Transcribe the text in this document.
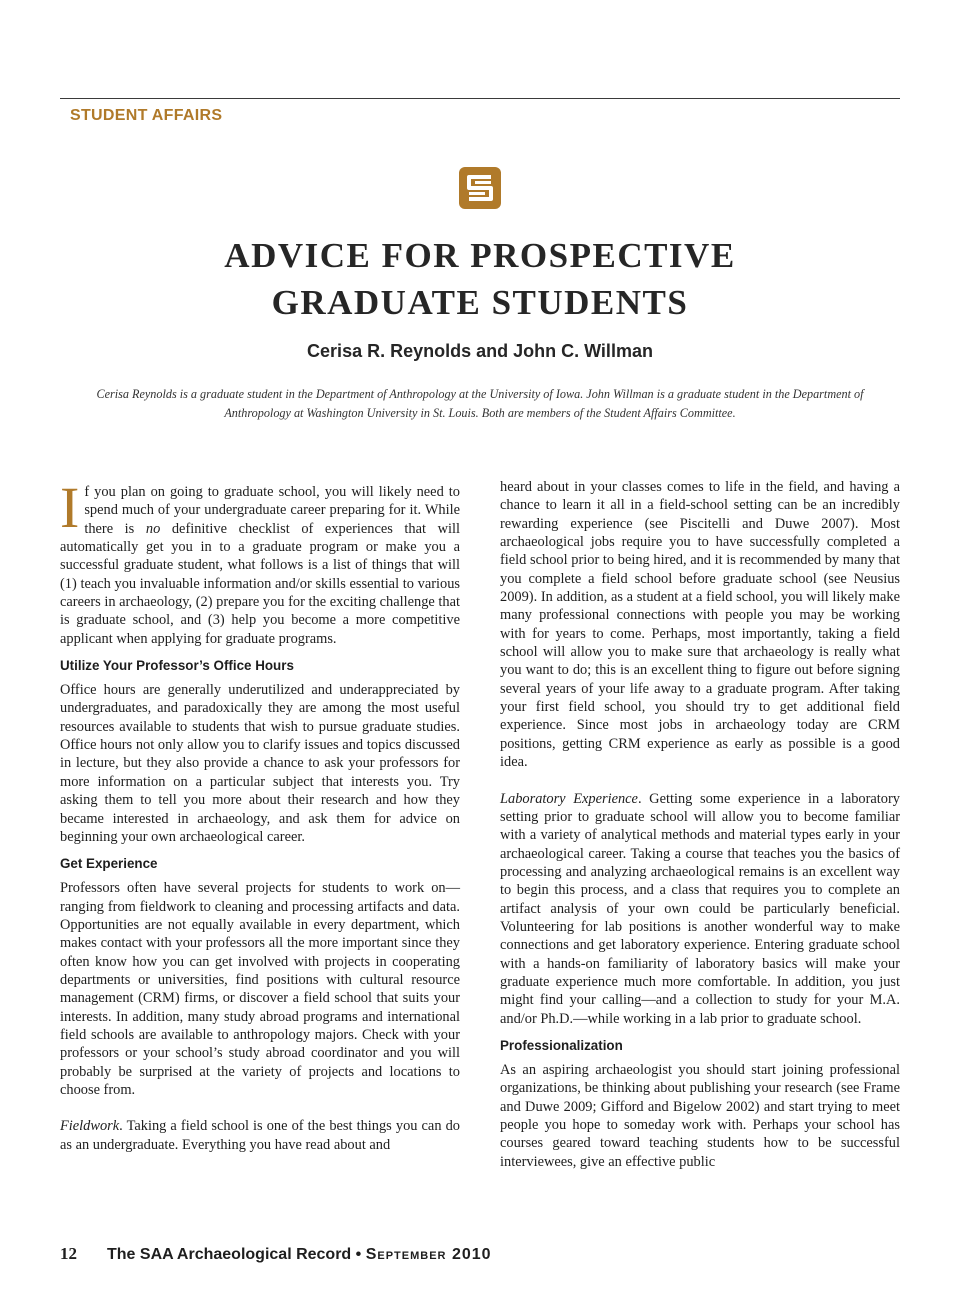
STUDENT AFFAIRS
ADVICE FOR PROSPECTIVE
GRADUATE STUDENTS
Cerisa R. Reynolds and John C. Willman
Cerisa Reynolds is a graduate student in the Department of Anthropology at the University of Iowa. John Willman is a graduate student in the Department of Anthropology at Washington University in St. Louis. Both are members of the Student Affairs Committee.

If you plan on going to graduate school, you will likely need to spend much of your undergraduate career preparing for it. While there is no definitive checklist of experiences that will automatically get you in to a graduate program or make you a successful graduate student, what follows is a list of things that will (1) teach you invaluable information and/or skills essential to various careers in archaeology, (2) prepare you for the exciting challenge that is graduate school, and (3) help you become a more competitive applicant when applying for graduate programs.

Utilize Your Professor’s Office Hours

Office hours are generally underutilized and underappreciated by undergraduates, and paradoxically they are among the most useful resources available to students that wish to pursue graduate studies. Office hours not only allow you to clarify issues and topics discussed in lecture, but they also provide a chance to ask your professors for more information on a particular subject that interests you. Try asking them to tell you more about their research and how they became interested in archaeology, and ask them for advice on beginning your own archaeological career.

Get Experience

Professors often have several projects for students to work on—ranging from fieldwork to cleaning and processing artifacts and data. Opportunities are not equally available in every department, which makes contact with your professors all the more important since they often know how you can get involved with projects in cooperating departments or universities, find positions with cultural resource management (CRM) firms, or discover a field school that suits your interests. In addition, many study abroad programs and international field schools are available to anthropology majors. Check with your professors or your school’s study abroad coordinator and you will probably be surprised at the variety of projects and locations to choose from.

Fieldwork. Taking a field school is one of the best things you can do as an undergraduate. Everything you have read about and

heard about in your classes comes to life in the field, and having a chance to learn it all in a field-school setting can be an incredibly rewarding experience (see Piscitelli and Duwe 2007). Most archaeological jobs require you to have successfully completed a field school prior to being hired, and it is recommended by many that you complete a field school before graduate school (see Neusius 2009). In addition, as a student at a field school, you will likely make many professional connections with people you may be working with for years to come. Perhaps, most importantly, taking a field school will allow you to make sure that archaeology is really what you want to do; this is an excellent thing to figure out before signing several years of your life away to a graduate program. After taking your first field school, you should try to get additional field experience. Since most jobs in archaeology today are CRM positions, getting CRM experience as early as possible is a good idea.

Laboratory Experience. Getting some experience in a laboratory setting prior to graduate school will allow you to become familiar with a variety of analytical methods and material types early in your archaeological career. Taking a course that teaches you the basics of processing and analyzing archaeological remains is an excellent way to begin this process, and a class that requires you to complete an artifact analysis of your own could be particularly beneficial. Volunteering for lab positions is another wonderful way to make connections and get laboratory experience. Entering graduate school with a hands-on familiarity of laboratory basics will make your graduate experience much more comfortable. In addition, you just might find your calling—and a collection to study for your M.A. and/or Ph.D.—while working in a lab prior to graduate school.

Professionalization

As an aspiring archaeologist you should start joining professional organizations, be thinking about publishing your research (see Frame and Duwe 2009; Gifford and Bigelow 2002) and start trying to meet people you hope to someday work with. Perhaps your school has courses geared toward teaching students how to be successful interviewees, give an effective public

12 The SAA Archaeological Record • September 2010
